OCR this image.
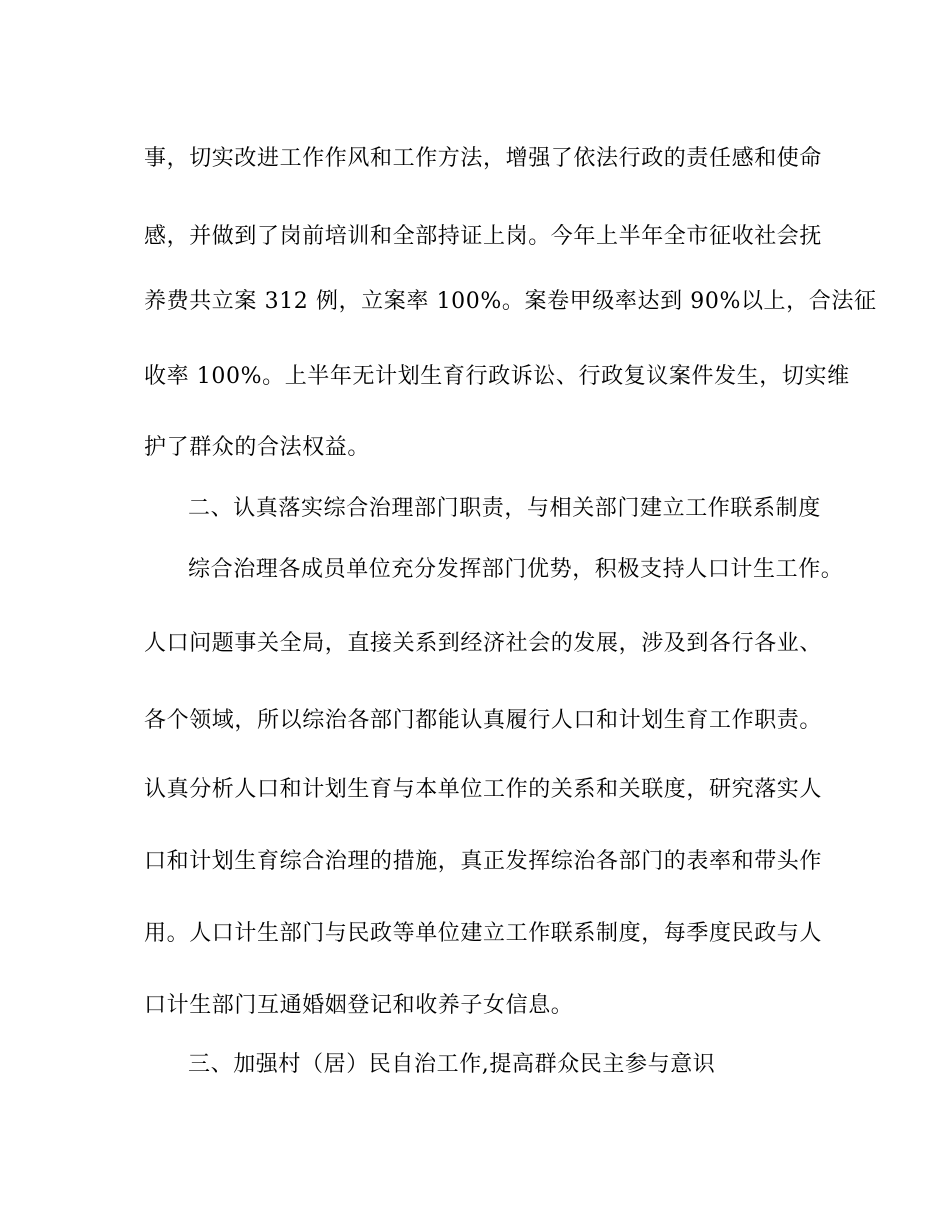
事，切实改进工作作风和工作方法，增强了依法行政的责任感和使命
感，并做到了岗前培训和全部持证上岗。今年上半年全市征收社会抚
养费共立案 312 例，立案率 100%。案卷甲级率达到 90%以上，合法征
收率 100%。上半年无计划生育行政诉讼、行政复议案件发生，切实维
护了群众的合法权益。
二、认真落实综合治理部门职责，与相关部门建立工作联系制度
综合治理各成员单位充分发挥部门优势，积极支持人口计生工作。
人口问题事关全局，直接关系到经济社会的发展，涉及到各行各业、
各个领域，所以综治各部门都能认真履行人口和计划生育工作职责。
认真分析人口和计划生育与本单位工作的关系和关联度，研究落实人
口和计划生育综合治理的措施，真正发挥综治各部门的表率和带头作
用。人口计生部门与民政等单位建立工作联系制度，每季度民政与人
口计生部门互通婚姻登记和收养子女信息。
三、加强村（居）民自治工作,提高群众民主参与意识
